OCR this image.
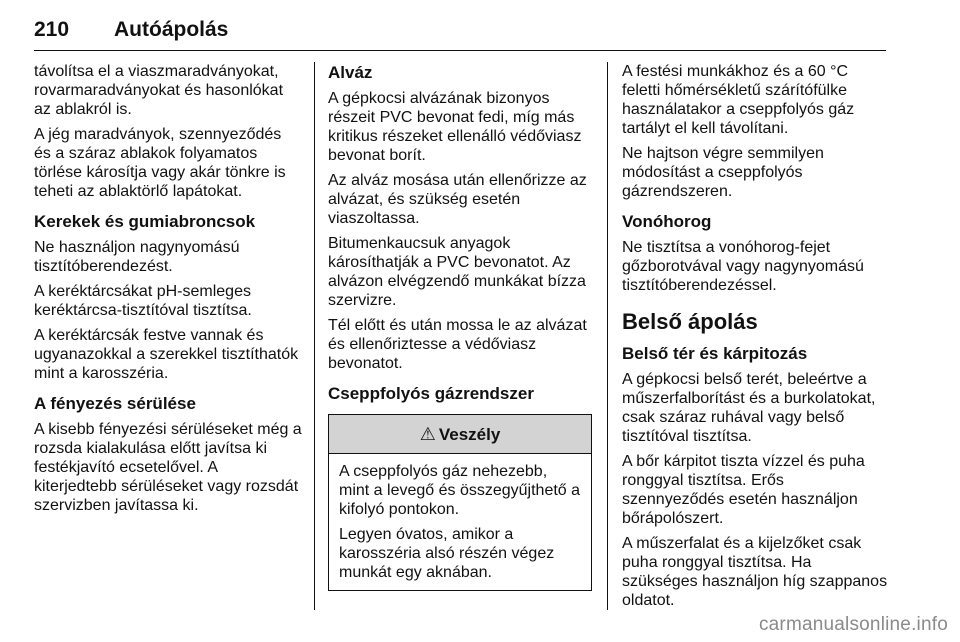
210 Autóápolás

távolítsa el a viaszmaradványokat, rovarmaradványokat és hasonlókat az ablakról is.

A jég maradványok, szennyeződés és a száraz ablakok folyamatos törlése károsítja vagy akár tönkre is teheti az ablaktörlő lapátokat.

Kerekek és gumiabroncsok

Ne használjon nagynyomású tisztítóberendezést.

A keréktárcsákat pH-semleges keréktárcsa-tisztítóval tisztítsa.

A keréktárcsák festve vannak és ugyanazokkal a szerekkel tisztíthatók mint a karosszéria.

A fényezés sérülése

A kisebb fényezési sérüléseket még a rozsda kialakulása előtt javítsa ki festékjavító ecsetelővel. A kiterjedtebb sérüléseket vagy rozsdát szervizben javítassa ki.

Alváz

A gépkocsi alvázának bizonyos részeit PVC bevonat fedi, míg más kritikus részeket ellenálló védőviasz bevonat borít.

Az alváz mosása után ellenőrizze az alvázat, és szükség esetén viaszoltassa.

Bitumenkaucsuk anyagok károsíthatják a PVC bevonatot. Az alvázon elvégzendő munkákat bízza szervizre.

Tél előtt és után mossa le az alvázat és ellenőriztesse a védőviasz bevonatot.

Cseppfolyós gázrendszer
⚠ Veszély

A cseppfolyós gáz nehezebb, mint a levegő és összegyűjthető a kifolyó pontokon.

Legyen óvatos, amikor a karosszéria alsó részén végez munkát egy aknában.

A festési munkákhoz és a 60 °C feletti hőmérsékletű szárítófülke használatakor a cseppfolyós gáz tartályt el kell távolítani.

Ne hajtson végre semmilyen módosítást a cseppfolyós gázrendszeren.

Vonóhorog

Ne tisztítsa a vonóhorog-fejet gőzborotvával vagy nagynyomású tisztítóberendezéssel.

Belső ápolás
Belső tér és kárpitozás

A gépkocsi belső terét, beleértve a műszerfalborítást és a burkolatokat, csak száraz ruhával vagy belső tisztítóval tisztítsa.

A bőr kárpitot tiszta vízzel és puha ronggyal tisztítsa. Erős szennyeződés esetén használjon bőrápolószert.

A műszerfalat és a kijelzőket csak puha ronggyal tisztítsa. Ha szükséges használjon híg szappanos oldatot.

carmanualsonline.info
